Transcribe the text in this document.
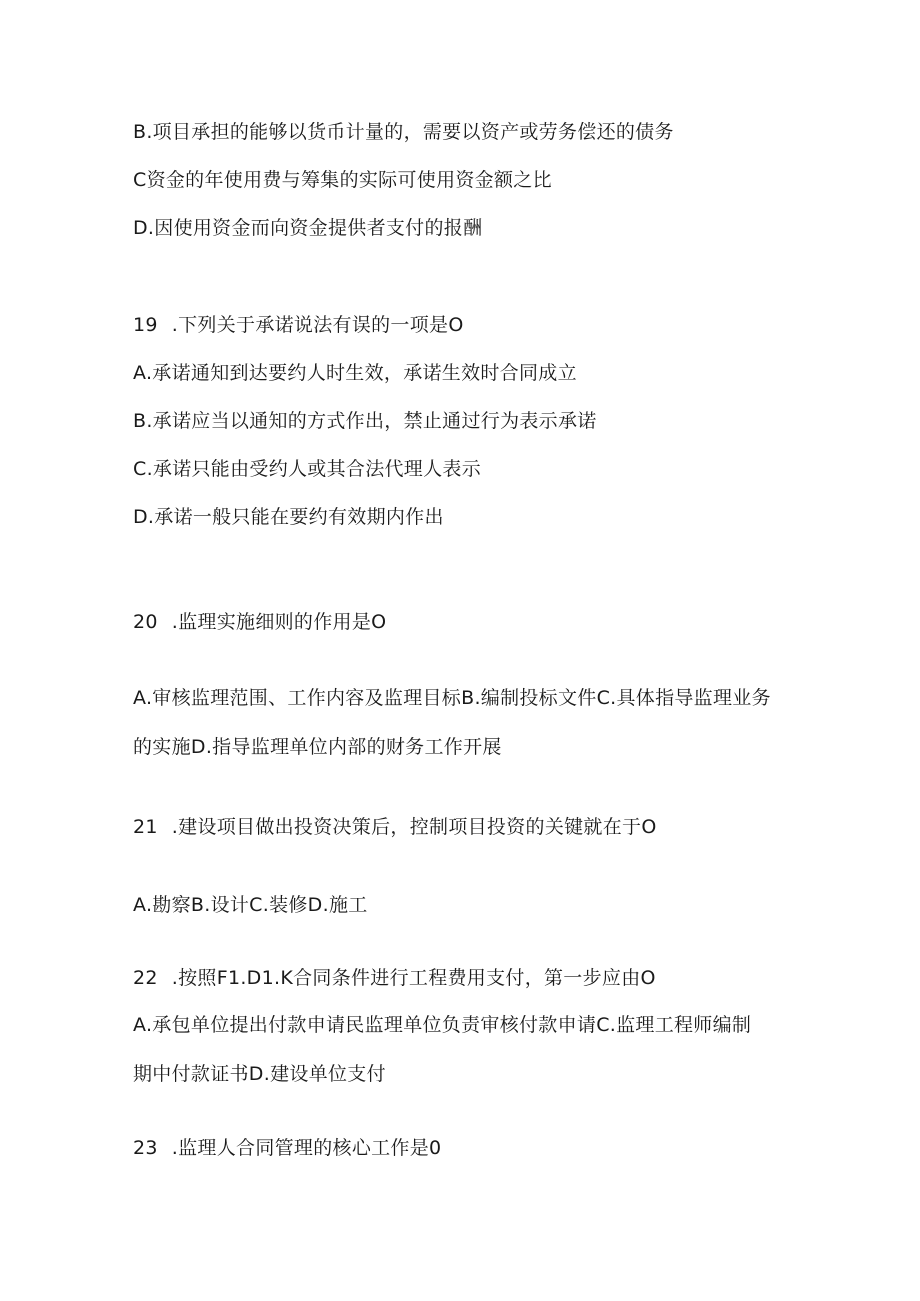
B.项目承担的能够以货币计量的，需要以资产或劳务偿还的债务
C资金的年使用费与筹集的实际可使用资金额之比
D.因使用资金而向资金提供者支付的报酬
19 .下列关于承诺说法有误的一项是O
A.承诺通知到达要约人时生效，承诺生效时合同成立
B.承诺应当以通知的方式作出，禁止通过行为表示承诺
C.承诺只能由受约人或其合法代理人表示
D.承诺一般只能在要约有效期内作出
20 .监理实施细则的作用是O
A.审核监理范围、工作内容及监理目标B.编制投标文件C.具体指导监理业务
的实施D.指导监理单位内部的财务工作开展
21 .建设项目做出投资决策后，控制项目投资的关键就在于O
A.勘察B.设计C.装修D.施工
22 .按照F1.D1.K合同条件进行工程费用支付，第一步应由O
A.承包单位提出付款申请民监理单位负责审核付款申请C.监理工程师编制
期中付款证书D.建设单位支付
23 .监理人合同管理的核心工作是0
